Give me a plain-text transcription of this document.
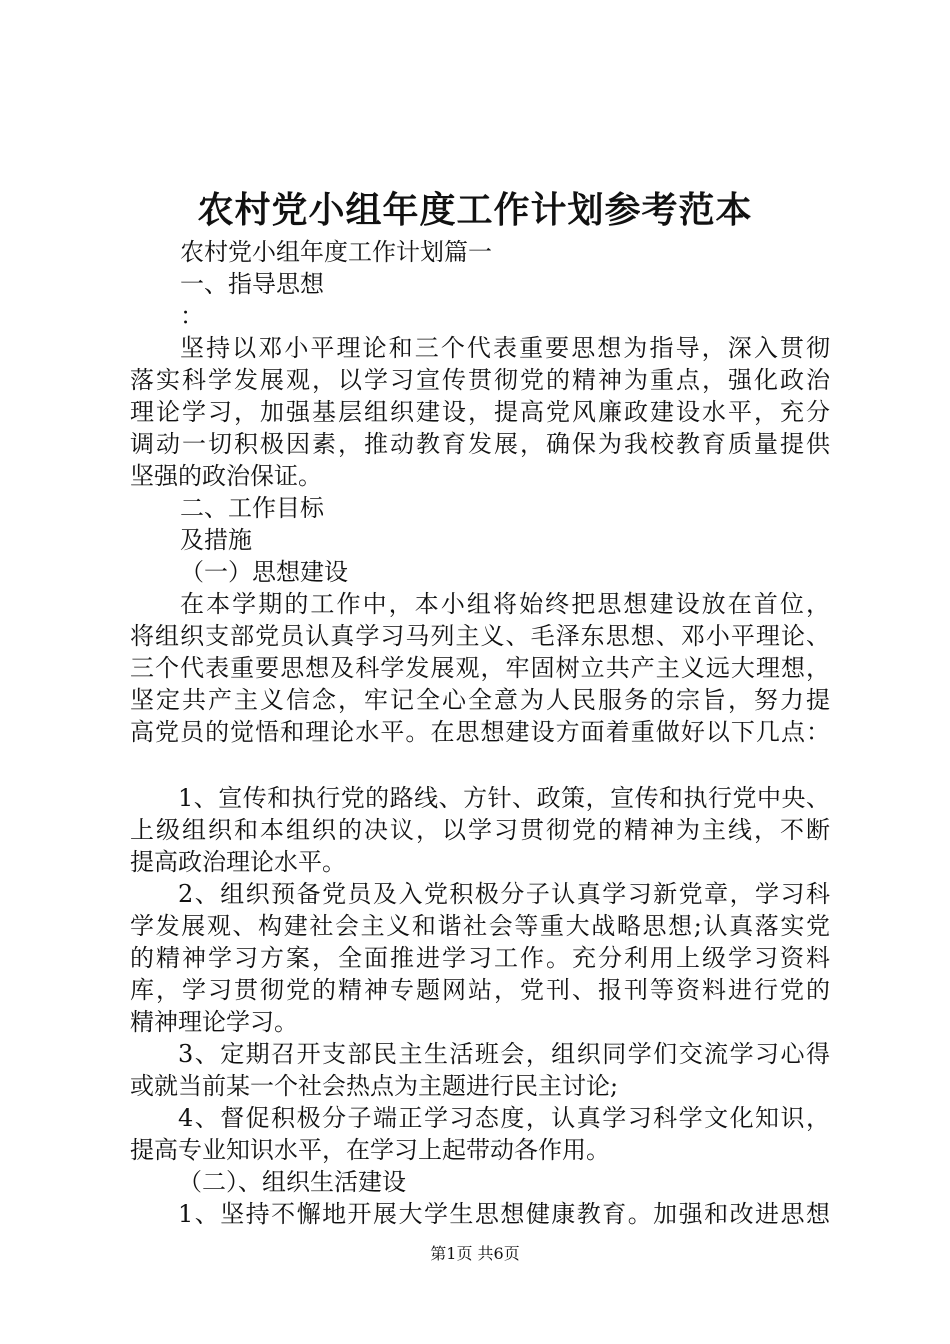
农村党小组年度工作计划参考范本
农村党小组年度工作计划篇一
一、指导思想
：
坚持以邓小平理论和三个代表重要思想为指导，深入贯彻
落实科学发展观，以学习宣传贯彻党的精神为重点，强化政治
理论学习，加强基层组织建设，提高党风廉政建设水平，充分
调动一切积极因素，推动教育发展，确保为我校教育质量提供
坚强的政治保证。
二、工作目标
及措施
（一）思想建设
在本学期的工作中，本小组将始终把思想建设放在首位，
将组织支部党员认真学习马列主义、毛泽东思想、邓小平理论、
三个代表重要思想及科学发展观，牢固树立共产主义远大理想，
坚定共产主义信念，牢记全心全意为人民服务的宗旨，努力提
高党员的觉悟和理论水平。在思想建设方面着重做好以下几点：
1、宣传和执行党的路线、方针、政策，宣传和执行党中央、
上级组织和本组织的决议，以学习贯彻党的精神为主线，不断
提高政治理论水平。
2、组织预备党员及入党积极分子认真学习新党章，学习科
学发展观、构建社会主义和谐社会等重大战略思想;认真落实党
的精神学习方案，全面推进学习工作。充分利用上级学习资料
库，学习贯彻党的精神专题网站，党刊、报刊等资料进行党的
精神理论学习。
3、定期召开支部民主生活班会，组织同学们交流学习心得
或就当前某一个社会热点为主题进行民主讨论;
4、督促积极分子端正学习态度，认真学习科学文化知识，
提高专业知识水平，在学习上起带动各作用。
（二）、组织生活建设
1、坚持不懈地开展大学生思想健康教育。加强和改进思想
第1页 共6页
